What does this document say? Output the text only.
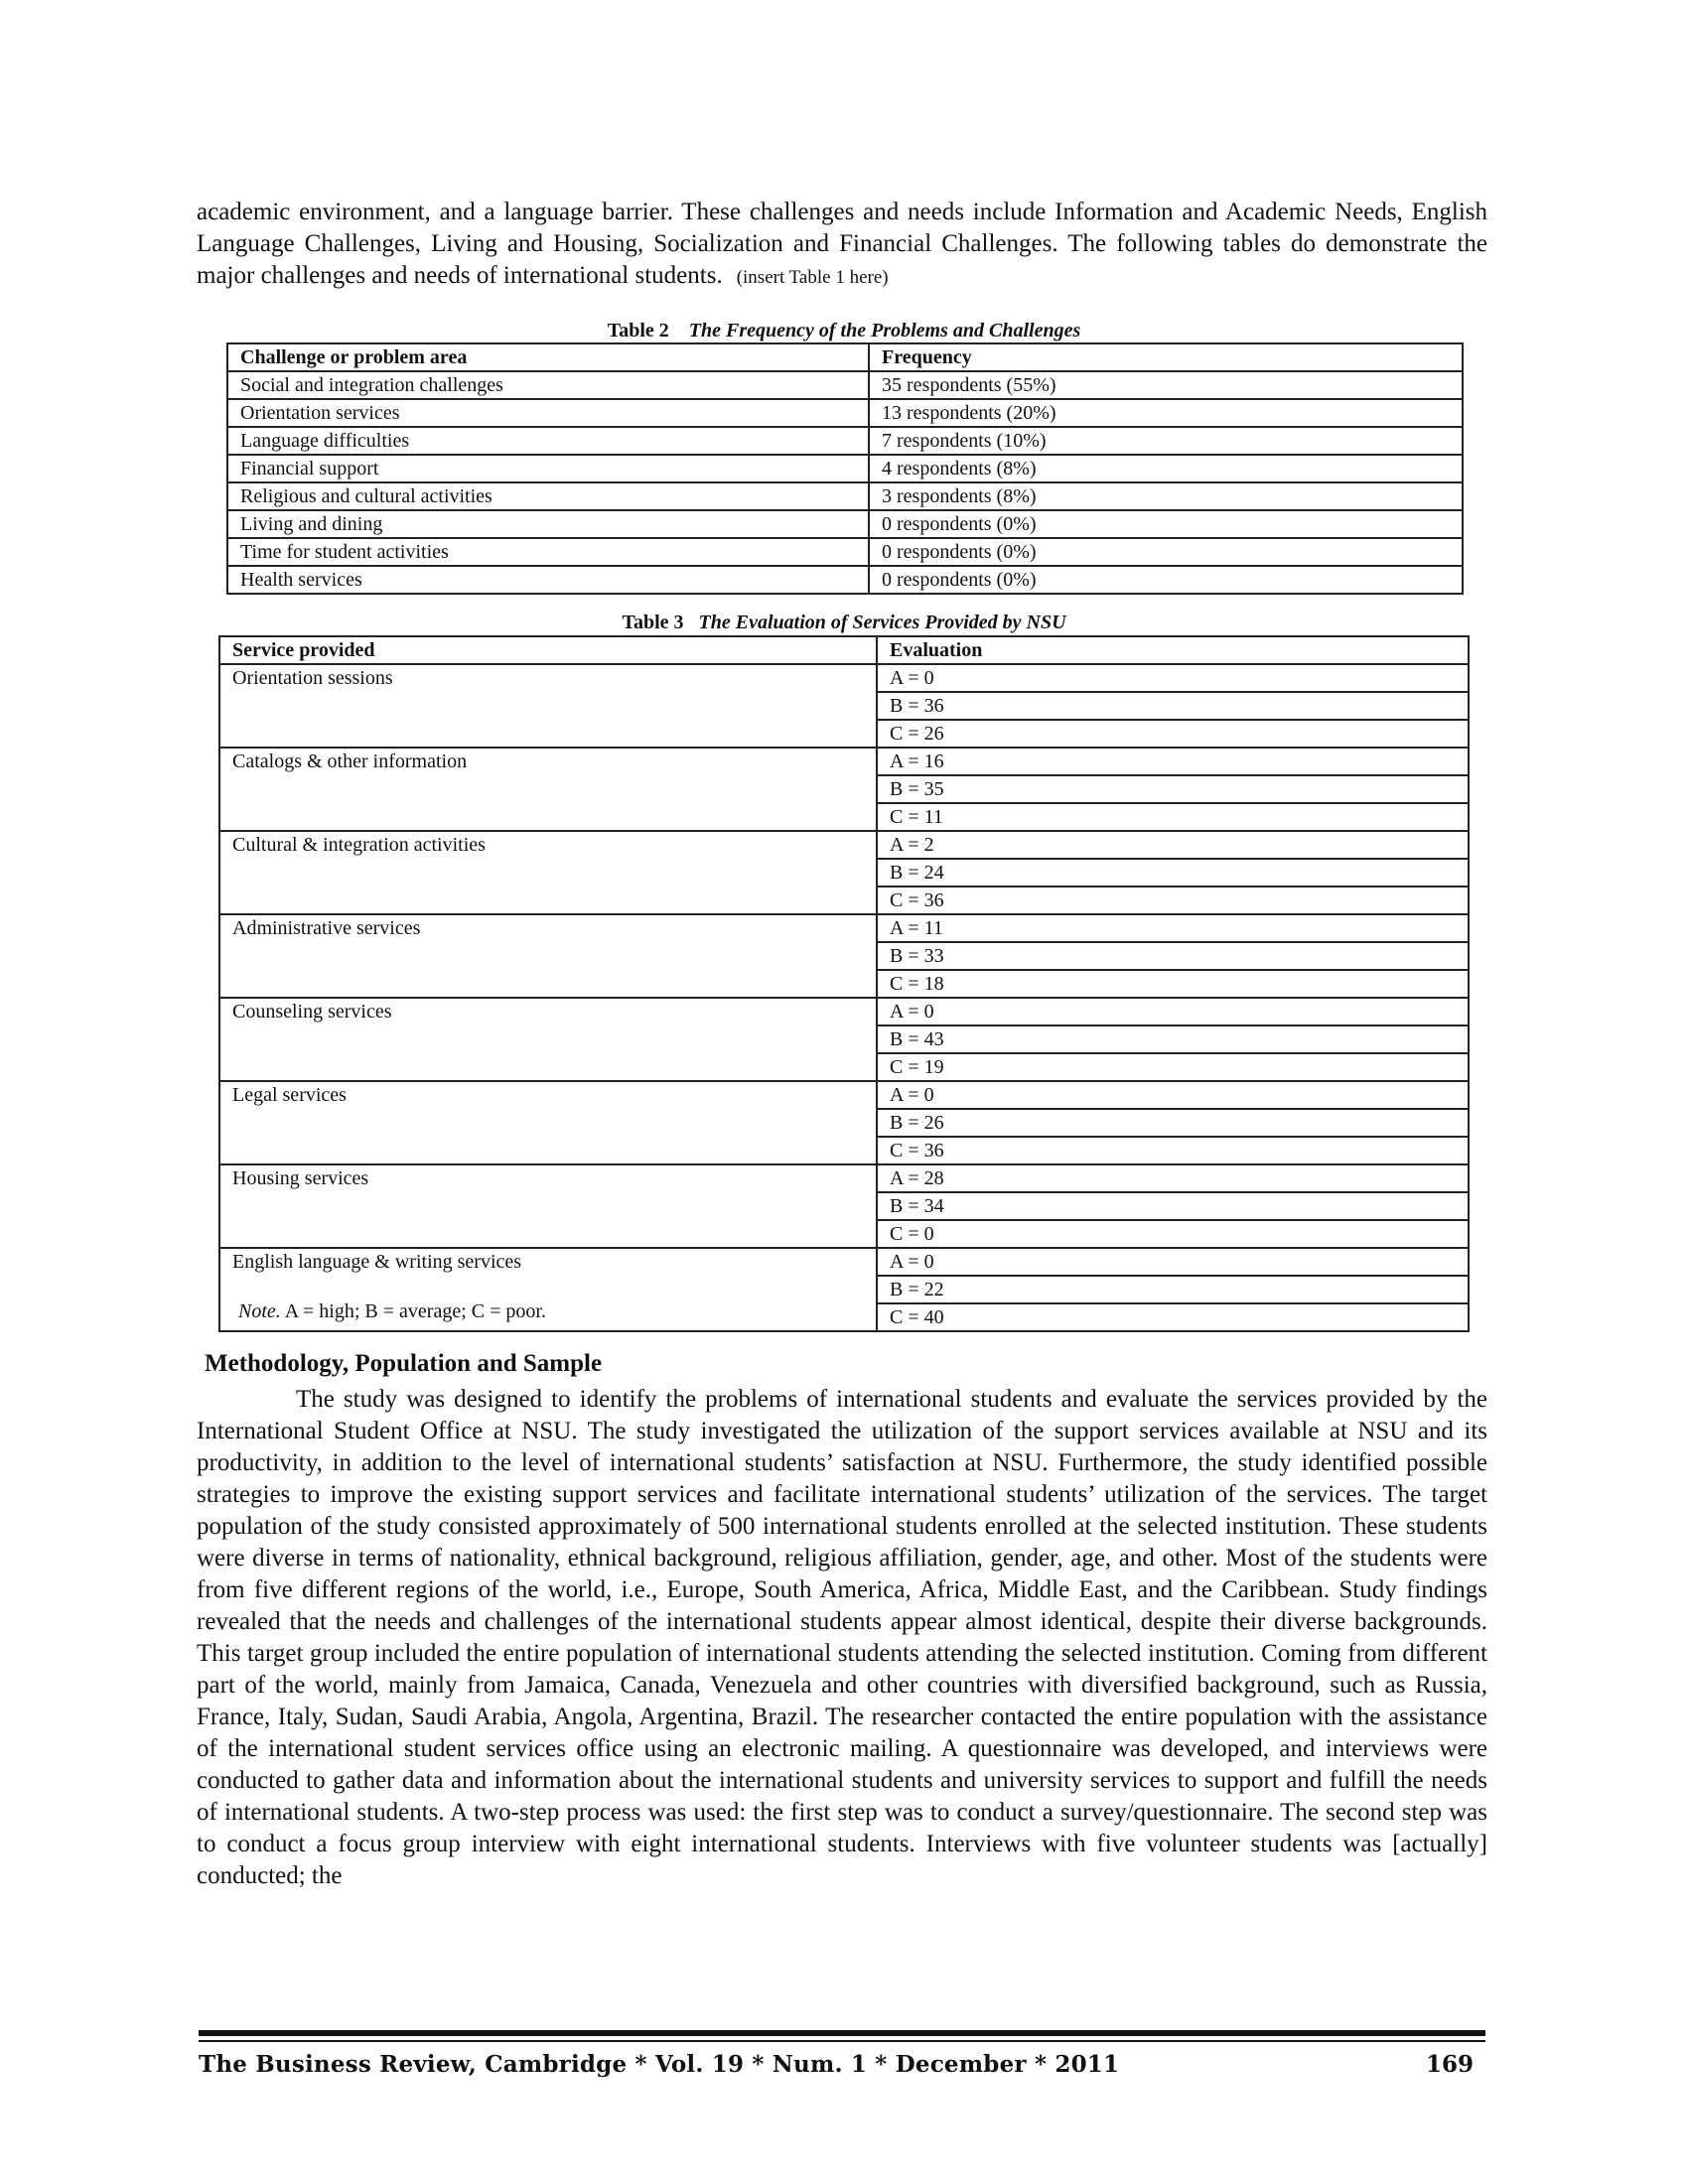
academic environment, and a language barrier. These challenges and needs include Information and Academic Needs, English Language Challenges, Living and Housing, Socialization and Financial Challenges. The following tables do demonstrate the major challenges and needs of international students. (insert Table 1 here)

Table 2 The Frequency of the Problems and Challenges

Challenge or problem area	Frequency
Social and integration challenges	35 respondents (55%)
Orientation services	13 respondents (20%)
Language difficulties	7 respondents (10%)
Financial support	4 respondents (8%)
Religious and cultural activities	3 respondents (8%)
Living and dining	0 respondents (0%)
Time for student activities	0 respondents (0%)
Health services	0 respondents (0%)

Table 3 The Evaluation of Services Provided by NSU

Service provided	Evaluation
Orientation sessions	A = 0
	B = 36
	C = 26
Catalogs & other information	A = 16
	B = 35
	C = 11
Cultural & integration activities	A = 2
	B = 24
	C = 36
Administrative services	A = 11
	B = 33
	C = 18
Counseling services	A = 0
	B = 43
	C = 19
Legal services	A = 0
	B = 26
	C = 36
Housing services	A = 28
	B = 34
	C = 0
English language & writing services	A = 0
	B = 22
	C = 40

Note. A = high; B = average; C = poor.

Methodology, Population and Sample

The study was designed to identify the problems of international students and evaluate the services provided by the International Student Office at NSU. The study investigated the utilization of the support services available at NSU and its productivity, in addition to the level of international students’ satisfaction at NSU. Furthermore, the study identified possible strategies to improve the existing support services and facilitate international students’ utilization of the services. The target population of the study consisted approximately of 500 international students enrolled at the selected institution. These students were diverse in terms of nationality, ethnical background, religious affiliation, gender, age, and other. Most of the students were from five different regions of the world, i.e., Europe, South America, Africa, Middle East, and the Caribbean. Study findings revealed that the needs and challenges of the international students appear almost identical, despite their diverse backgrounds. This target group included the entire population of international students attending the selected institution. Coming from different part of the world, mainly from Jamaica, Canada, Venezuela and other countries with diversified background, such as Russia, France, Italy, Sudan, Saudi Arabia, Angola, Argentina, Brazil. The researcher contacted the entire population with the assistance of the international student services office using an electronic mailing. A questionnaire was developed, and interviews were conducted to gather data and information about the international students and university services to support and fulfill the needs of international students. A two-step process was used: the first step was to conduct a survey/questionnaire. The second step was to conduct a focus group interview with eight international students. Interviews with five volunteer students was [actually] conducted; the

The Business Review, Cambridge * Vol. 19 * Num. 1 * December * 2011	169
